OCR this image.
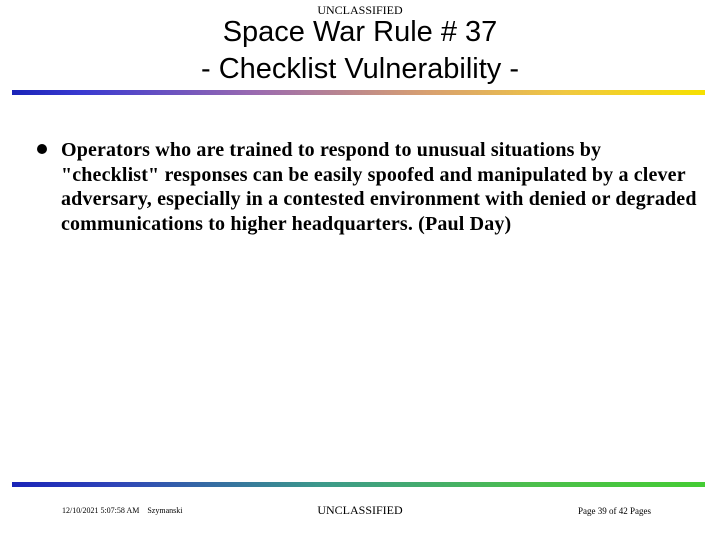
UNCLASSIFIED
Space War Rule # 37
- Checklist Vulnerability -
Operators who are trained to respond to unusual situations by "checklist" responses can be easily spoofed and manipulated by a clever adversary, especially in a contested environment with denied or degraded communications to higher headquarters. (Paul Day)
12/10/2021 5:07:58 AM Szymanski	UNCLASSIFIED	Page 39 of 42 Pages
